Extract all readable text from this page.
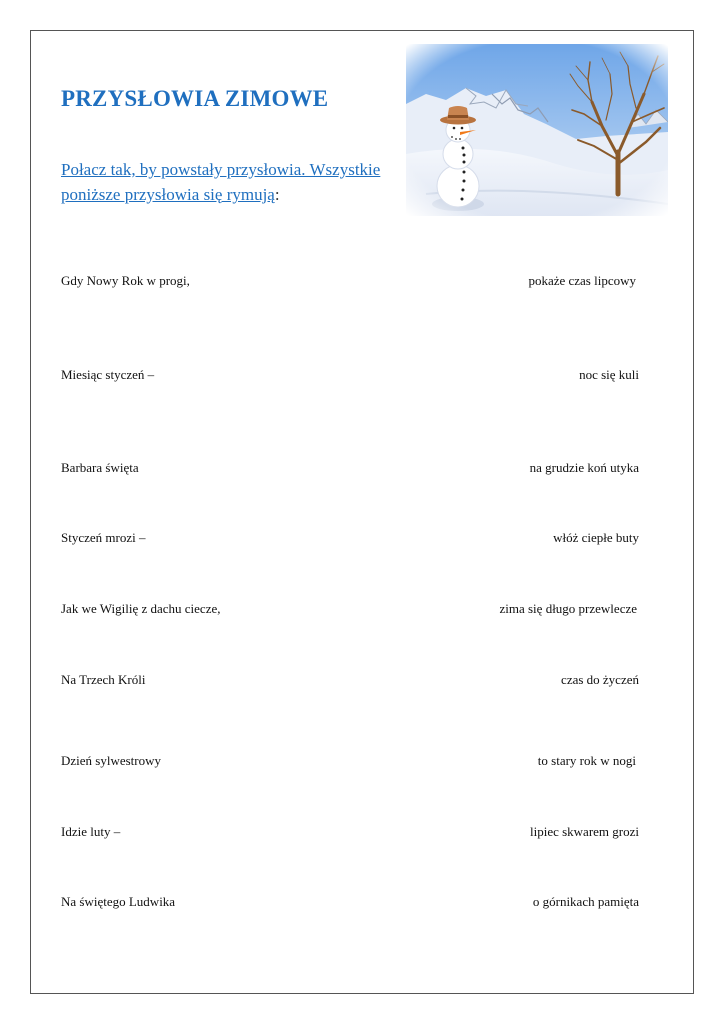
PRZYSŁOWIA ZIMOWE
Połacz tak, by powstały przysłowia. Wszystkie
poniższe przysłowia się rymują:
Gdy Nowy Rok w progi,	pokaże czas lipcowy
Miesiąc styczeń –	noc się kuli
Barbara święta	na grudzie koń utyka
Styczeń mrozi –	włóż ciepłe buty
Jak we Wigilię z dachu ciecze,	zima się długo przewlecze
Na Trzech Króli	czas do życzeń
Dzień sylwestrowy	to stary rok w nogi
Idzie luty –	lipiec skwarem grozi
Na świętego Ludwika	o górnikach pamięta
